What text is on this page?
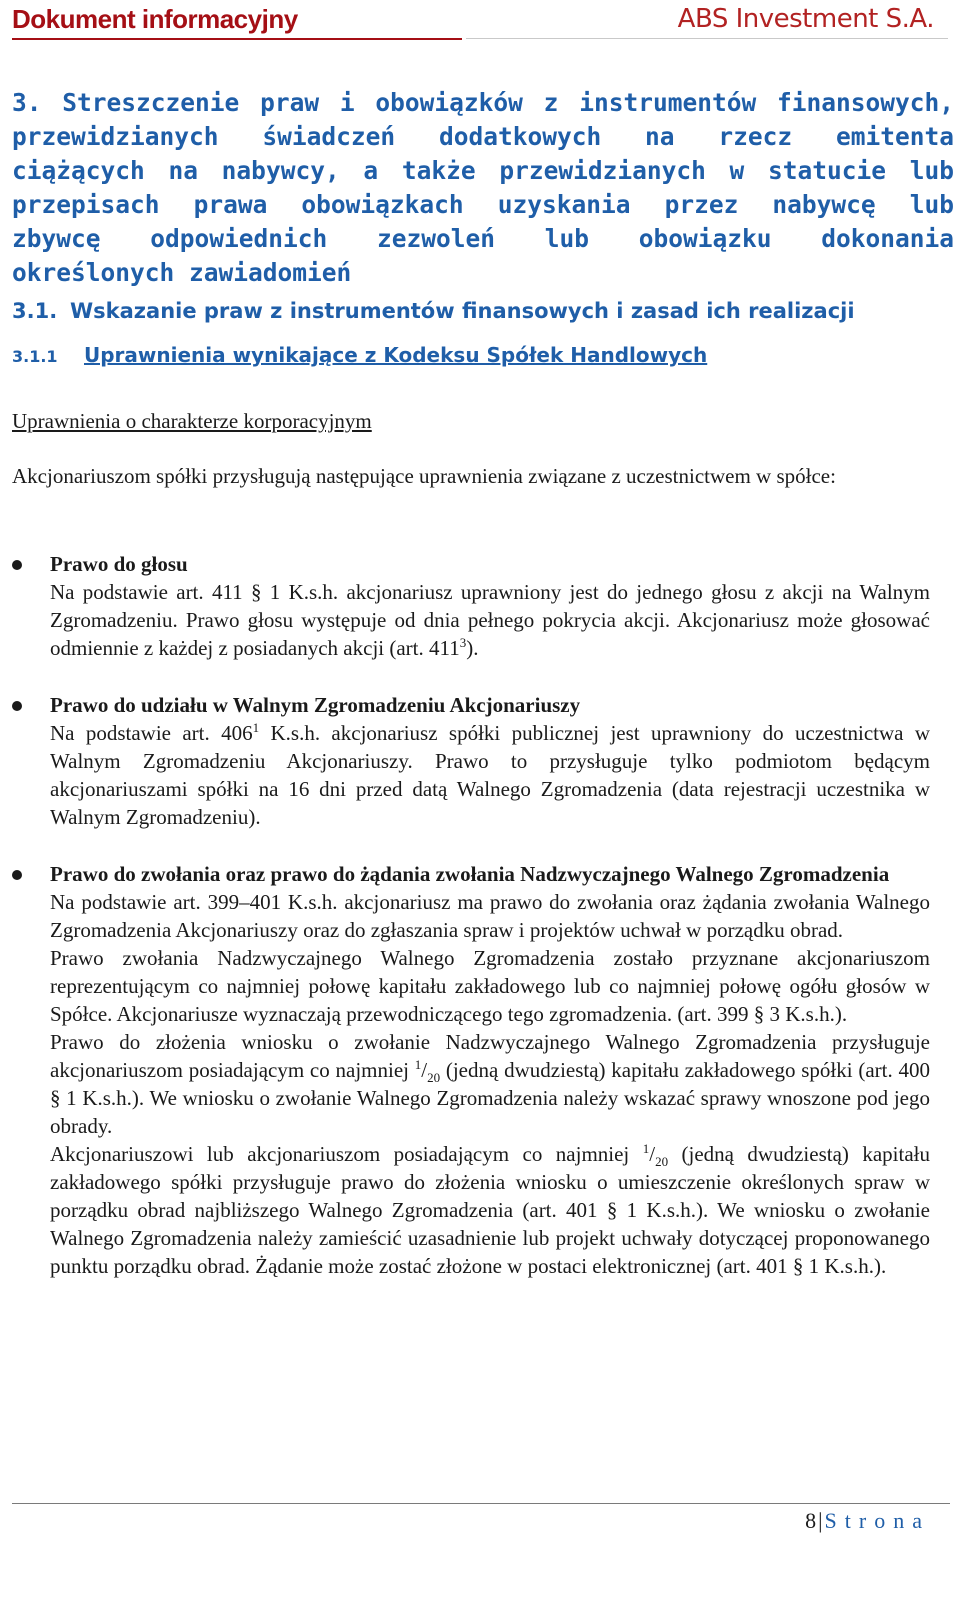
Dokument informacyjny	ABS Investment S.A.
3. Streszczenie praw i obowiązków z instrumentów finansowych,
przewidzianych świadczeń dodatkowych na rzecz emitenta
ciążących na nabywcy, a także przewidzianych w statucie lub
przepisach prawa obowiązkach uzyskania przez nabywcę lub
zbywcę odpowiednich zezwoleń lub obowiązku dokonania
określonych zawiadomień
3.1. Wskazanie praw z instrumentów finansowych i zasad ich realizacji
3.1.1 Uprawnienia wynikające z Kodeksu Spółek Handlowych
Uprawnienia o charakterze korporacyjnym
Akcjonariuszom spółki przysługują następujące uprawnienia związane z uczestnictwem w spółce:
Prawo do głosu

Na podstawie art. 411 § 1 K.s.h. akcjonariusz uprawniony jest do jednego głosu z akcji na Walnym Zgromadzeniu. Prawo głosu występuje od dnia pełnego pokrycia akcji. Akcjonariusz może głosować odmiennie z każdej z posiadanych akcji (art. $411^3$).

Prawo do udziału w Walnym Zgromadzeniu Akcjonariuszy

Na podstawie art. $406^1$ K.s.h. akcjonariusz spółki publicznej jest uprawniony do uczestnictwa w Walnym Zgromadzeniu Akcjonariuszy. Prawo to przysługuje tylko podmiotom będącym akcjonariuszami spółki na 16 dni przed datą Walnego Zgromadzenia (data rejestracji uczestnika w Walnym Zgromadzeniu).

Prawo do zwołania oraz prawo do żądania zwołania Nadzwyczajnego Walnego Zgromadzenia

Na podstawie art. 399–401 K.s.h. akcjonariusz ma prawo do zwołania oraz żądania zwołania Walnego Zgromadzenia Akcjonariuszy oraz do zgłaszania spraw i projektów uchwał w porządku obrad.

Prawo zwołania Nadzwyczajnego Walnego Zgromadzenia zostało przyznane akcjonariuszom reprezentującym co najmniej połowę kapitału zakładowego lub co najmniej połowę ogółu głosów w Spółce. Akcjonariusze wyznaczają przewodniczącego tego zgromadzenia. (art. 399 § 3 K.s.h.).

Prawo do złożenia wniosku o zwołanie Nadzwyczajnego Walnego Zgromadzenia przysługuje akcjonariuszom posiadającym co najmniej $^1/_{20}$ (jedną dwudziestą) kapitału zakładowego spółki (art. 400 § 1 K.s.h.). We wniosku o zwołanie Walnego Zgromadzenia należy wskazać sprawy wnoszone pod jego obrady.

Akcjonariuszowi lub akcjonariuszom posiadającym co najmniej $^1/_{20}$ (jedną dwudziestą) kapitału zakładowego spółki przysługuje prawo do złożenia wniosku o umieszczenie określonych spraw w porządku obrad najbliższego Walnego Zgromadzenia (art. 401 § 1 K.s.h.). We wniosku o zwołanie Walnego Zgromadzenia należy zamieścić uzasadnienie lub projekt uchwały dotyczącej proponowanego punktu porządku obrad. Żądanie może zostać złożone w postaci elektronicznej (art. 401 § 1 K.s.h.).

8|Strona
